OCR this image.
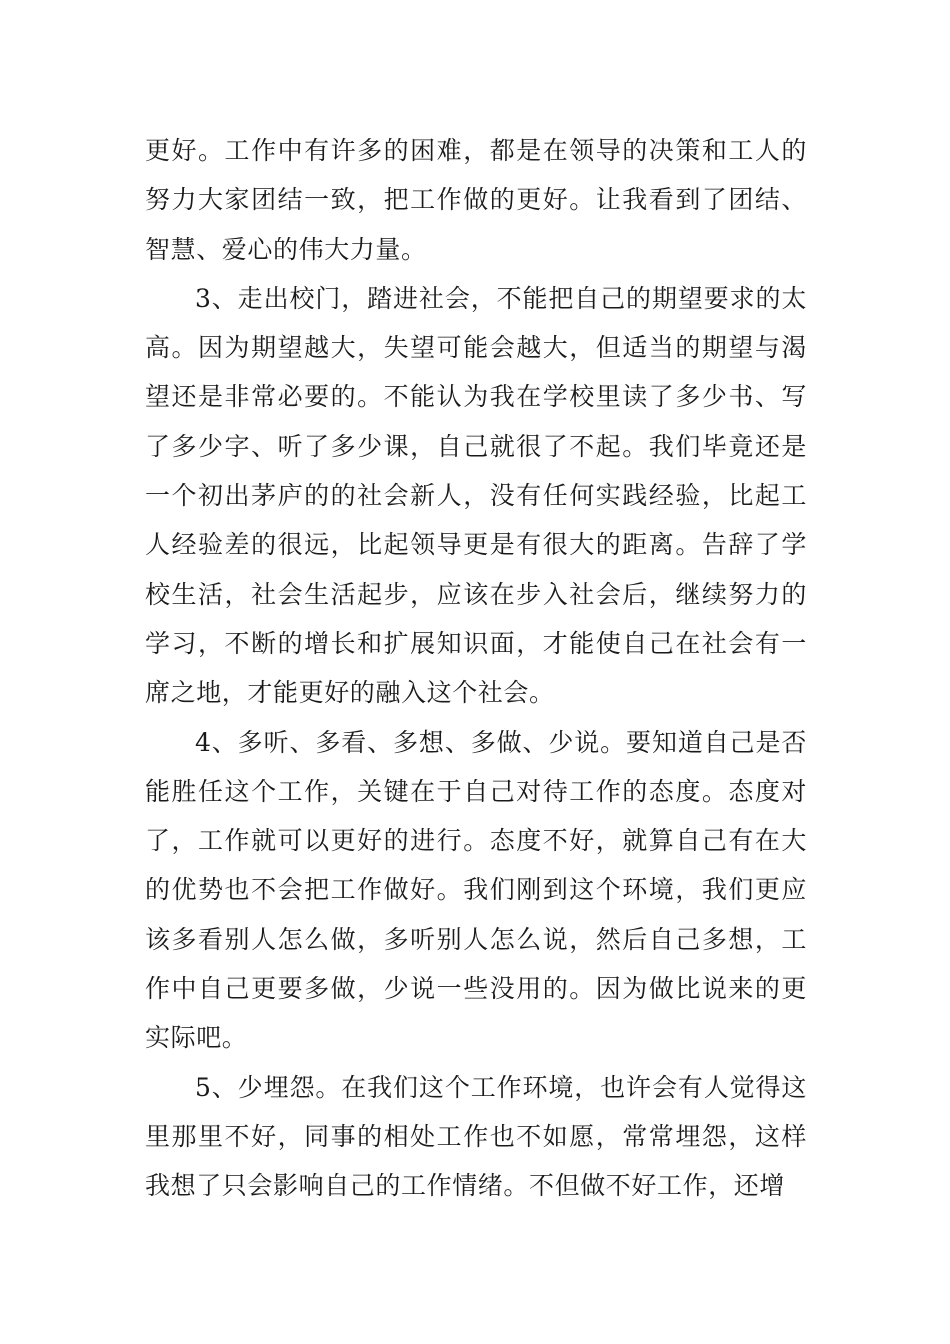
更好。工作中有许多的困难，都是在领导的决策和工人的努力大家团结一致，把工作做的更好。让我看到了团结、智慧、爱心的伟大力量。

3、走出校门，踏进社会，不能把自己的期望要求的太高。因为期望越大，失望可能会越大，但适当的期望与渴望还是非常必要的。不能认为我在学校里读了多少书、写了多少字、听了多少课，自己就很了不起。我们毕竟还是一个初出茅庐的的社会新人，没有任何实践经验，比起工人经验差的很远，比起领导更是有很大的距离。告辞了学校生活，社会生活起步，应该在步入社会后，继续努力的学习，不断的增长和扩展知识面，才能使自己在社会有一席之地，才能更好的融入这个社会。

4、多听、多看、多想、多做、少说。要知道自己是否能胜任这个工作，关键在于自己对待工作的态度。态度对了，工作就可以更好的进行。态度不好，就算自己有在大的优势也不会把工作做好。我们刚到这个环境，我们更应该多看别人怎么做，多听别人怎么说，然后自己多想，工作中自己更要多做，少说一些没用的。因为做比说来的更实际吧。

5、少埋怨。在我们这个工作环境，也许会有人觉得这里那里不好，同事的相处工作也不如愿，常常埋怨，这样我想了只会影响自己的工作情绪。不但做不好工作，还增
